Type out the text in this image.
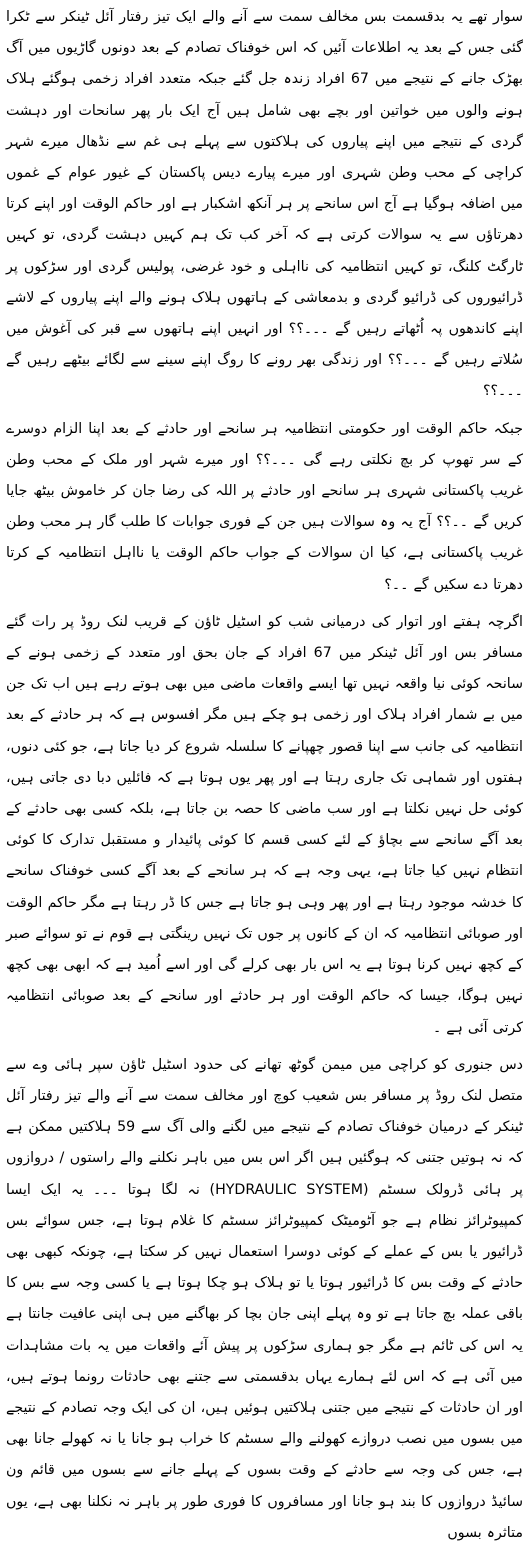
سوار تھے یہ بدقسمت بس مخالف سمت سے آنے والے ایک تیز رفتار آئل ٹینکر سے ٹکرا گئی جس کے بعد یہ اطلاعات آئیں کہ اس خوفناک تصادم کے بعد دونوں گاڑیوں میں آگ بھڑک جانے کے نتیجے میں 67 افراد زندہ جل گئے جبکہ متعدد افراد زخمی ہوگئے ہلاک ہونے والوں میں خواتین اور بچے بھی شامل ہیں آج ایک بار پھر سانحات اور دہشت گردی کے نتیجے میں اپنے پیاروں کی ہلاکتوں سے پہلے ہی غم سے نڈھال میرے شہر کراچی کے محب وطن شہری اور میرے پیارے دیس پاکستان کے غیور عوام کے غموں میں اضافہ ہوگیا ہے آج اس سانحے پر ہر آنکھ اشکبار ہے اور حاکم الوقت اور اپنے کرتا دھرتاؤں سے یہ سوالات کرتی ہے کہ آخر کب تک ہم کہیں دہشت گردی، تو کہیں ٹارگٹ کلنگ، تو کہیں انتظامیہ کی نااہلی و خود غرضی، پولیس گردی اور سڑکوں پر ڈرائیوروں کی ڈرائیو گردی و بدمعاشی کے ہاتھوں ہلاک ہونے والے اپنے پیاروں کے لاشے اپنے کاندھوں پہ اُٹھاتے رہیں گے ۔۔۔؟؟ اور انہیں اپنے ہاتھوں سے قبر کی آغوش میں سُلاتے رہیں گے ۔۔۔؟؟ اور زندگی بھر رونے کا روگ اپنے سینے سے لگائے بیٹھے رہیں گے ۔۔۔؟؟

جبکہ حاکم الوقت اور حکومتی انتظامیہ ہر سانحے اور حادثے کے بعد اپنا الزام دوسرے کے سر تھوپ کر بچ نکلتی رہے گی ۔۔۔؟؟ اور میرے شہر اور ملک کے محب وطن غریب پاکستانی شہری ہر سانحے اور حادثے پر اللہ کی رضا جان کر خاموش بیٹھ جایا کریں گے ۔۔؟؟ آج یہ وہ سوالات ہیں جن کے فوری جوابات کا طلب گار ہر محب وطن غریب پاکستانی ہے، کیا ان سوالات کے جواب حاکم الوقت یا نااہل انتظامیہ کے کرتا دھرتا دے سکیں گے ۔۔؟

اگرچہ ہفتے اور اتوار کی درمیانی شب کو اسٹیل ٹاؤن کے قریب لنک روڈ پر رات گئے مسافر بس اور آئل ٹینکر میں 67 افراد کے جان بحق اور متعدد کے زخمی ہونے کے سانحہ کوئی نیا واقعہ نہیں تھا ایسے واقعات ماضی میں بھی ہوتے رہے ہیں اب تک جن میں بے شمار افراد ہلاک اور زخمی ہو چکے ہیں مگر افسوس ہے کہ ہر حادثے کے بعد انتظامیہ کی جانب سے اپنا قصور چھپانے کا سلسلہ شروع کر دیا جاتا ہے، جو کئی دنوں، ہفتوں اور شماہی تک جاری رہتا ہے اور پھر یوں ہوتا ہے کہ فائلیں دبا دی جاتی ہیں، کوئی حل نہیں نکلتا ہے اور سب ماضی کا حصہ بن جاتا ہے، بلکہ کسی بھی حادثے کے بعد آگے سانحے سے بچاؤ کے لئے کسی قسم کا کوئی پائیدار و مستقبل تدارک کا کوئی انتظام نہیں کیا جاتا ہے، یہی وجہ ہے کہ ہر سانحے کے بعد آگے کسی خوفناک سانحے کا خدشہ موجود رہتا ہے اور پھر وہی ہو جاتا ہے جس کا ڈر رہتا ہے مگر حاکم الوقت اور صوبائی انتظامیہ کہ ان کے کانوں پر جوں تک نہیں رینگتی ہے قوم نے تو سوائے صبر کے کچھ نہیں کرنا ہوتا ہے یہ اس بار بھی کرلے گی اور اسے اُمید ہے کہ ابھی بھی کچھ نہیں ہوگا، جیسا کہ حاکم الوقت اور ہر حادثے اور سانحے کے بعد صوبائی انتظامیہ کرتی آئی ہے ۔

دس جنوری کو کراچی میں میمن گوٹھ تھانے کی حدود اسٹیل ٹاؤن سپر ہائی وے سے متصل لنک روڈ پر مسافر بس شعیب کوچ اور مخالف سمت سے آنے والے تیز رفتار آئل ٹینکر کے درمیان خوفناک تصادم کے نتیجے میں لگنے والی آگ سے 59 ہلاکتیں ممکن ہے کہ نہ ہوتیں جتنی کہ ہوگئیں ہیں اگر اس بس میں باہر نکلنے والے راستوں / دروازوں پر ہائی ڈرولک سسٹم (HYDRAULIC SYSTEM) نہ لگا ہوتا ۔۔۔ یہ ایک ایسا کمپیوٹرائز نظام ہے جو آٹومیٹک کمپیوٹرائز سسٹم کا غلام ہوتا ہے، جس سوائے بس ڈرائیور یا بس کے عملے کے کوئی دوسرا استعمال نہیں کر سکتا ہے، چونکہ کبھی بھی حادثے کے وقت بس کا ڈرائیور ہوتا یا تو ہلاک ہو چکا ہوتا ہے یا کسی وجہ سے بس کا باقی عملہ بچ جاتا ہے تو وہ پہلے اپنی جان بچا کر بھاگنے میں ہی اپنی عافیت جانتا ہے یہ اس کی ٹائم ہے مگر جو ہماری سڑکوں پر پیش آئے واقعات میں یہ بات مشاہدات میں آئی ہے کہ اس لئے ہمارے یہاں بدقسمتی سے جتنے بھی حادثات رونما ہوتے ہیں، اور ان حادثات کے نتیجے میں جتنی ہلاکتیں ہوئیں ہیں، ان کی ایک وجہ تصادم کے نتیجے میں بسوں میں نصب دروازے کھولنے والے سسٹم کا خراب ہو جانا یا نہ کھولے جانا بھی ہے، جس کی وجہ سے حادثے کے وقت بسوں کے پہلے جانے سے بسوں میں قائم ون سائیڈ دروازوں کا بند ہو جانا اور مسافروں کا فوری طور پر باہر نہ نکلنا بھی ہے، یوں متاثرہ بسوں
